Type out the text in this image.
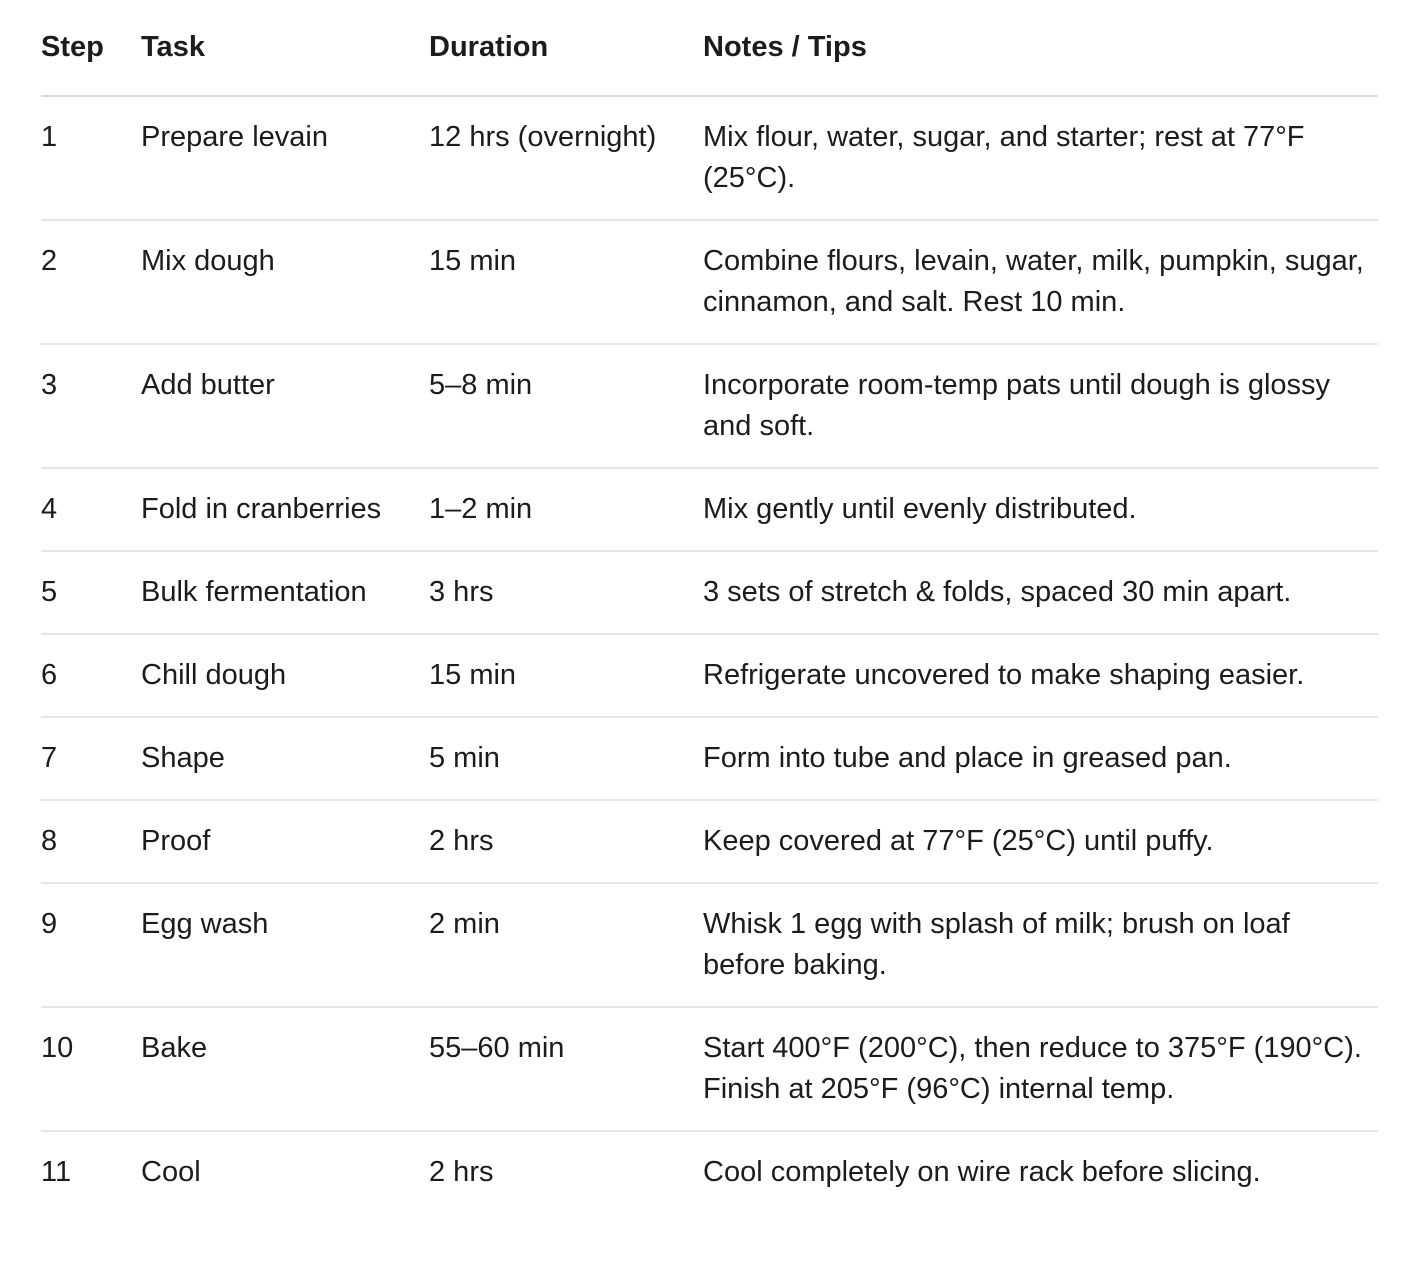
Step	Task	Duration	Notes / Tips

1	Prepare levain	12 hrs (overnight)	Mix flour, water, sugar, and starter; rest at 77°F (25°C).

2	Mix dough	15 min	Combine flours, levain, water, milk, pumpkin, sugar, cinnamon, and salt. Rest 10 min.

3	Add butter	5–8 min	Incorporate room-temp pats until dough is glossy and soft.

4	Fold in cranberries	1–2 min	Mix gently until evenly distributed.

5	Bulk fermentation	3 hrs	3 sets of stretch & folds, spaced 30 min apart.

6	Chill dough	15 min	Refrigerate uncovered to make shaping easier.

7	Shape	5 min	Form into tube and place in greased pan.

8	Proof	2 hrs	Keep covered at 77°F (25°C) until puffy.

9	Egg wash	2 min	Whisk 1 egg with splash of milk; brush on loaf before baking.

10	Bake	55–60 min	Start 400°F (200°C), then reduce to 375°F (190°C). Finish at 205°F (96°C) internal temp.

11	Cool	2 hrs	Cool completely on wire rack before slicing.
